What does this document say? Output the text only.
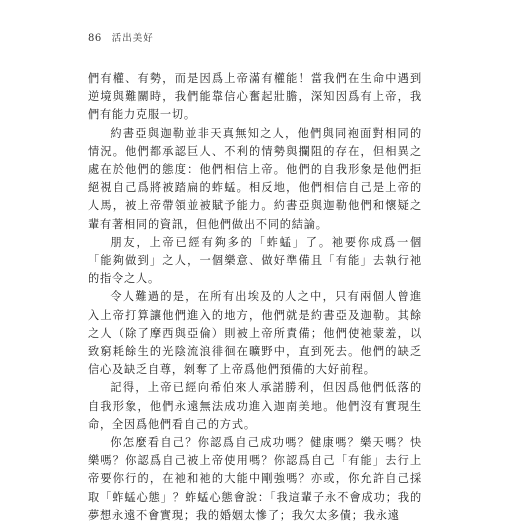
86 活出美好

們有權、有勢，而是因爲上帝滿有權能！當我們在生命中遇到逆境與難關時，我們能靠信心奮起壯膽，深知因爲有上帝，我們有能力克服一切。

約書亞與迦勒並非天真無知之人，他們與同袍面對相同的情況。他們都承認巨人、不利的情勢與攔阻的存在，但相異之處在於他們的態度：他們相信上帝。他們的自我形象是他們拒絕視自己爲將被踏扁的蚱蜢。相反地，他們相信自己是上帝的人馬，被上帝帶領並被賦予能力。約書亞與迦勒他們和懷疑之輩有著相同的資訊，但他們做出不同的結論。

朋友，上帝已經有夠多的「蚱蜢」了。祂要你成爲一個「能夠做到」之人，一個樂意、做好準備且「有能」去執行祂的指令之人。

令人難過的是，在所有出埃及的人之中，只有兩個人曾進入上帝打算讓他們進入的地方，他們就是約書亞及迦勒。其餘之人（除了摩西與亞倫）則被上帝所責備；他們使祂蒙羞，以致窮耗餘生的光陰流浪徘徊在曠野中，直到死去。他們的缺乏信心及缺乏自尊，剝奪了上帝爲他們預備的大好前程。

記得，上帝已經向希伯來人承諾勝利，但因爲他們低落的自我形象，他們永遠無法成功進入迦南美地。他們沒有實現生命，全因爲他們看自己的方式。

你怎麼看自己？你認爲自己成功嗎？健康嗎？樂天嗎？快樂嗎？你認爲自己被上帝使用嗎？你認爲自己「有能」去行上帝要你行的，在祂和祂的大能中剛強嗎？亦或，你允許自己採取「蚱蜢心態」？蚱蜢心態會說：「我這輩子永不會成功；我的夢想永遠不會實現；我的婚姻太慘了；我欠太多債；我永遠
